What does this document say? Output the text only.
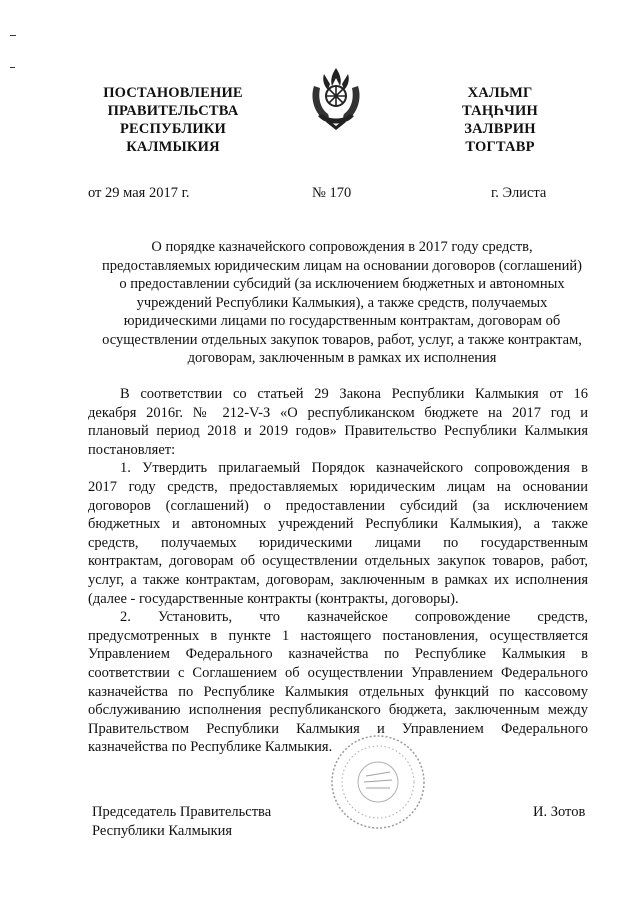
ПОСТАНОВЛЕНИЕ
ПРАВИТЕЛЬСТВА
РЕСПУБЛИКИ
КАЛМЫКИЯ
ХАЛЬМГ
ТАҢҺЧИН
ЗАЛВРИН
ТОГТАВР
от 29 мая 2017 г.	№ 170	г. Элиста
О порядке казначейского сопровождения в 2017 году средств,
предоставляемых юридическим лицам на основании договоров (соглашений)
о предоставлении субсидий (за исключением бюджетных и автономных
учреждений Республики Калмыкия), а также средств, получаемых
юридическими лицами по государственным контрактам, договорам об
осуществлении отдельных закупок товаров, работ, услуг, а также контрактам,
договорам, заключенным в рамках их исполнения
В соответствии со статьей 29 Закона Республики Калмыкия от 16
декабря 2016г. № 212-V-З «О республиканском бюджете на 2017 год и
плановый период 2018 и 2019 годов» Правительство Республики Калмыкия
постановляет:
1. Утвердить прилагаемый Порядок казначейского сопровождения в
2017 году средств, предоставляемых юридическим лицам на основании
договоров (соглашений) о предоставлении субсидий (за исключением
бюджетных и автономных учреждений Республики Калмыкия), а также
средств, получаемых юридическими лицами по государственным
контрактам, договорам об осуществлении отдельных закупок товаров, работ,
услуг, а также контрактам, договорам, заключенным в рамках их исполнения
(далее - государственные контракты (контракты, договоры).
2. Установить, что казначейское сопровождение средств,
предусмотренных в пункте 1 настоящего постановления, осуществляется
Управлением Федерального казначейства по Республике Калмыкия в
соответствии с Соглашением об осуществлении Управлением Федерального
казначейства по Республике Калмыкия отдельных функций по кассовому
обслуживанию исполнения республиканского бюджета, заключенным между
Правительством Республики Калмыкия и Управлением Федерального
казначейства по Республике Калмыкия.
Председатель Правительства
Республики Калмыкия
И. Зотов
